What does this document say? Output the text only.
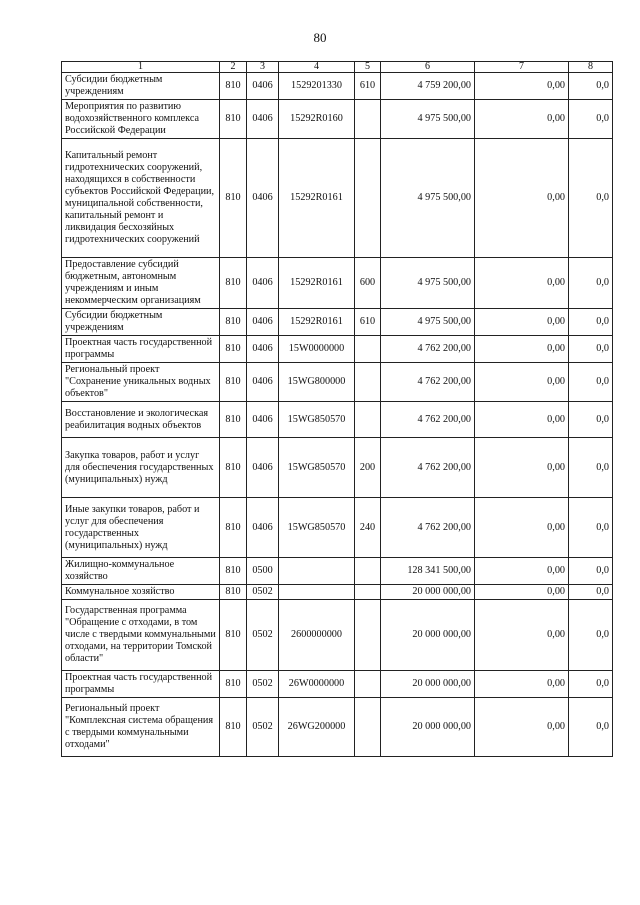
80
1	2	3	4	5	6	7	8
Субсидии бюджетным учреждениям	810	0406	1529201330	610	4 759 200,00	0,00	0,0
Мероприятия по развитию водохозяйственного комплекса Российской Федерации	810	0406	15292R0160		4 975 500,00	0,00	0,0
Капитальный ремонт гидротехнических сооружений, находящихся в собственности субъектов Российской Федерации, муниципальной собственности, капитальный ремонт и ликвидация бесхозяйных гидротехнических сооружений	810	0406	15292R0161		4 975 500,00	0,00	0,0
Предоставление субсидий бюджетным, автономным учреждениям и иным некоммерческим организациям	810	0406	15292R0161	600	4 975 500,00	0,00	0,0
Субсидии бюджетным учреждениям	810	0406	15292R0161	610	4 975 500,00	0,00	0,0
Проектная часть государственной программы	810	0406	15W0000000		4 762 200,00	0,00	0,0
Региональный проект "Сохранение уникальных водных объектов"	810	0406	15WG800000		4 762 200,00	0,00	0,0
Восстановление и экологическая реабилитация водных объектов	810	0406	15WG850570		4 762 200,00	0,00	0,0
Закупка товаров, работ и услуг для обеспечения государственных (муниципальных) нужд	810	0406	15WG850570	200	4 762 200,00	0,00	0,0
Иные закупки товаров, работ и услуг для обеспечения государственных (муниципальных) нужд	810	0406	15WG850570	240	4 762 200,00	0,00	0,0
Жилищно-коммунальное хозяйство	810	0500			128 341 500,00	0,00	0,0
Коммунальное хозяйство	810	0502			20 000 000,00	0,00	0,0
Государственная программа "Обращение с отходами, в том числе с твердыми коммунальными отходами, на территории Томской области"	810	0502	2600000000		20 000 000,00	0,00	0,0
Проектная часть государственной программы	810	0502	26W0000000		20 000 000,00	0,00	0,0
Региональный проект "Комплексная система обращения с твердыми коммунальными отходами"	810	0502	26WG200000		20 000 000,00	0,00	0,0
